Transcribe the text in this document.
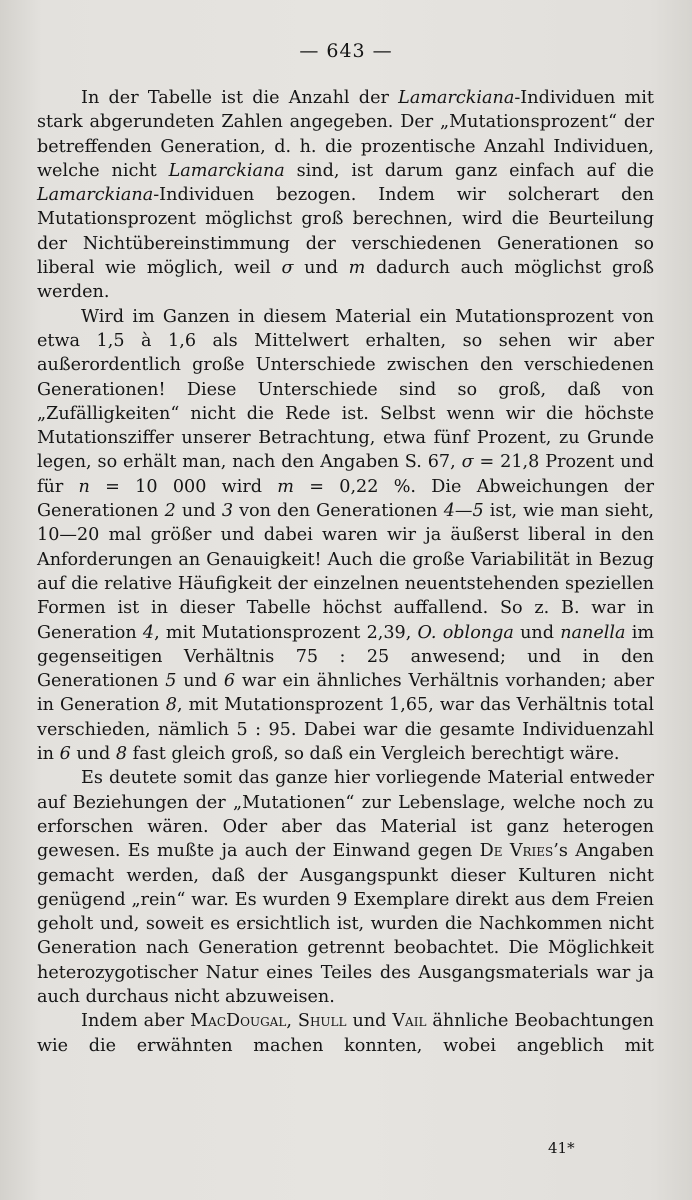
— 643 —

In der Tabelle ist die Anzahl der Lamarckiana-Individuen mit stark abgerundeten Zahlen angegeben. Der „Mutationsprozent“ der betreffenden Generation, d. h. die prozentische Anzahl Individuen, welche nicht Lamarckiana sind, ist darum ganz einfach auf die Lamarckiana-Individuen bezogen. Indem wir solcherart den Mutationsprozent möglichst groß berechnen, wird die Beurteilung der Nichtübereinstimmung der verschiedenen Generationen so liberal wie möglich, weil σ und m dadurch auch möglichst groß werden.

Wird im Ganzen in diesem Material ein Mutationsprozent von etwa 1,5 à 1,6 als Mittelwert erhalten, so sehen wir aber außerordentlich große Unterschiede zwischen den verschiedenen Generationen! Diese Unterschiede sind so groß, daß von „Zufälligkeiten“ nicht die Rede ist. Selbst wenn wir die höchste Mutationsziffer unserer Betrachtung, etwa fünf Prozent, zu Grunde legen, so erhält man, nach den Angaben S. 67, σ = 21,8 Prozent und für n = 10 000 wird m = 0,22 %. Die Abweichungen der Generationen 2 und 3 von den Generationen 4—5 ist, wie man sieht, 10—20 mal größer und dabei waren wir ja äußerst liberal in den Anforderungen an Genauigkeit! Auch die große Variabilität in Bezug auf die relative Häufigkeit der einzelnen neuentstehenden speziellen Formen ist in dieser Tabelle höchst auffallend. So z. B. war in Generation 4, mit Mutationsprozent 2,39, O. oblonga und nanella im gegenseitigen Verhältnis 75 : 25 anwesend; und in den Generationen 5 und 6 war ein ähnliches Verhältnis vorhanden; aber in Generation 8, mit Mutationsprozent 1,65, war das Verhältnis total verschieden, nämlich 5 : 95. Dabei war die gesamte Individuenzahl in 6 und 8 fast gleich groß, so daß ein Vergleich berechtigt wäre.

Es deutete somit das ganze hier vorliegende Material entweder auf Beziehungen der „Mutationen“ zur Lebenslage, welche noch zu erforschen wären. Oder aber das Material ist ganz heterogen gewesen. Es mußte ja auch der Einwand gegen De Vries’s Angaben gemacht werden, daß der Ausgangspunkt dieser Kulturen nicht genügend „rein“ war. Es wurden 9 Exemplare direkt aus dem Freien geholt und, soweit es ersichtlich ist, wurden die Nachkommen nicht Generation nach Generation getrennt beobachtet. Die Möglichkeit heterozygotischer Natur eines Teiles des Ausgangsmaterials war ja auch durchaus nicht abzuweisen.

Indem aber MacDougal, Shull und Vail ähnliche Beobachtungen wie die erwähnten machen konnten, wobei angeblich mit

41*
